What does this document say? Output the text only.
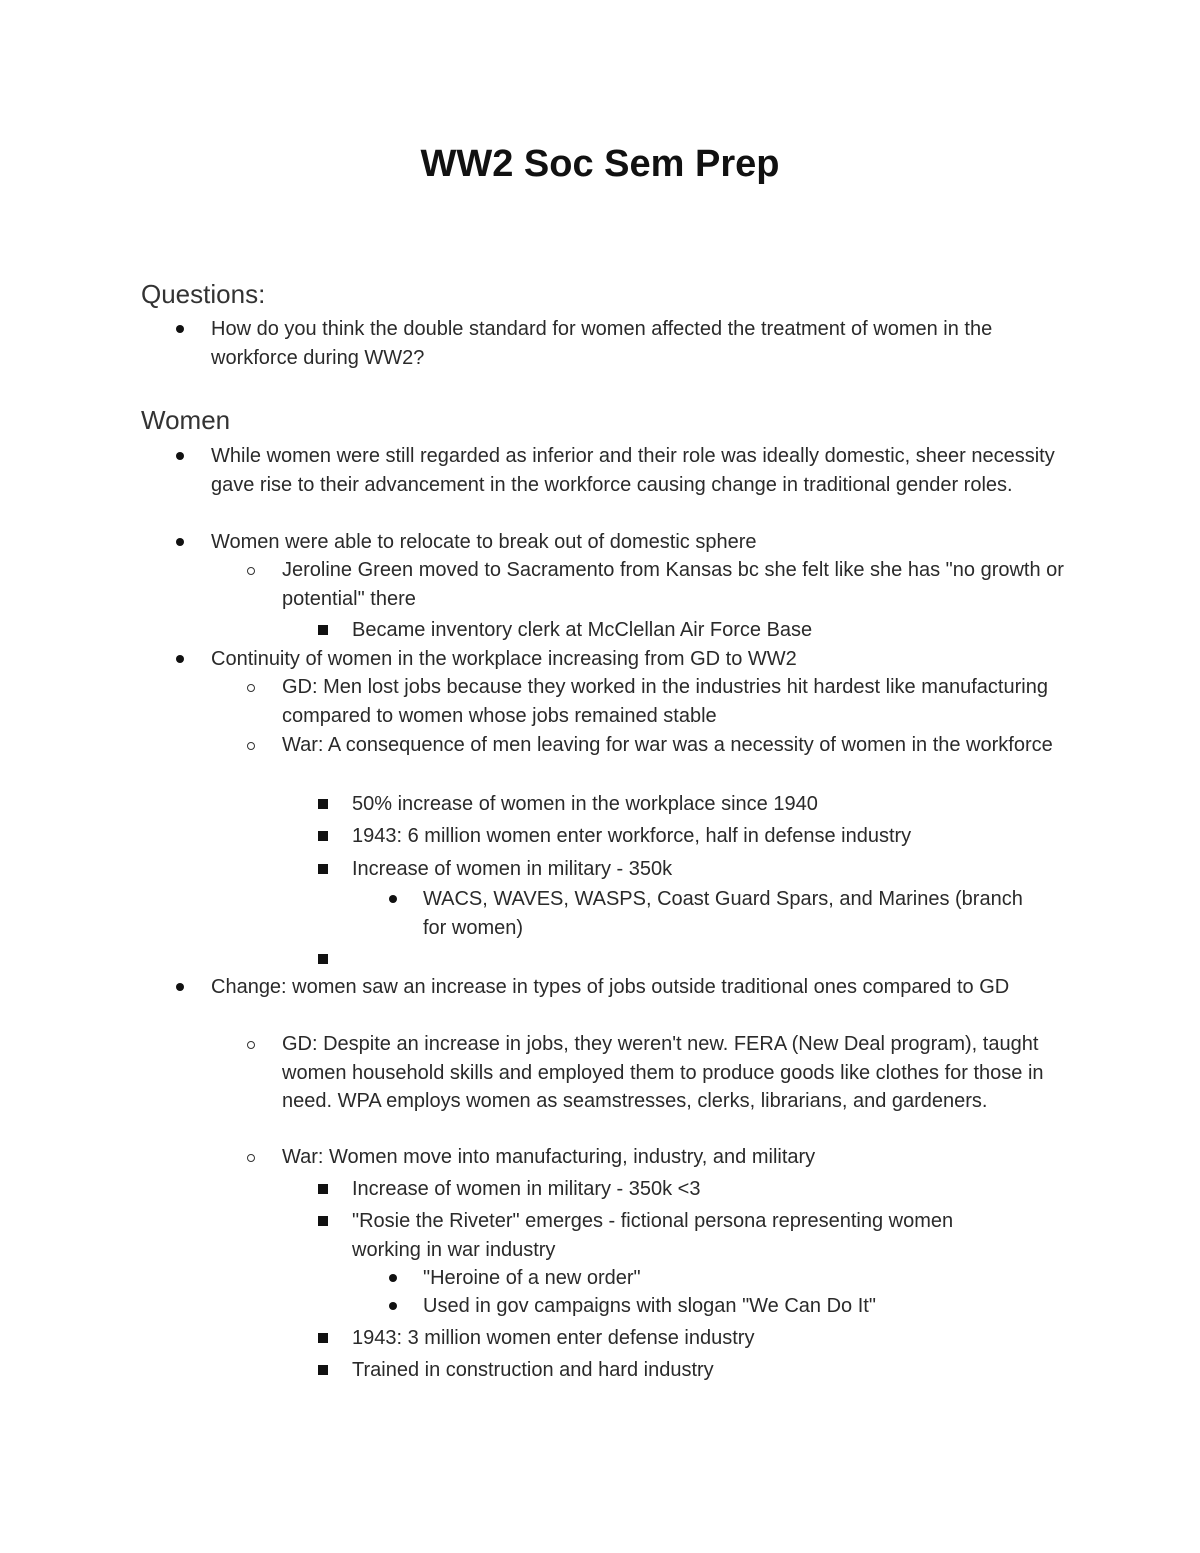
WW2 Soc Sem Prep
Questions:
How do you think the double standard for women affected the treatment of women in the workforce during WW2?
Women
While women were still regarded as inferior and their role was ideally domestic, sheer necessity gave rise to their advancement in the workforce causing change in traditional gender roles.
Women were able to relocate to break out of domestic sphere
Jeroline Green moved to Sacramento from Kansas bc she felt like she has "no growth or potential" there
Became inventory clerk at McClellan Air Force Base
Continuity of women in the workplace increasing from GD to WW2
GD: Men lost jobs because they worked in the industries hit hardest like manufacturing compared to women whose jobs remained stable
War: A consequence of men leaving for war was a necessity of women in the workforce
50% increase of women in the workplace since 1940
1943: 6 million women enter workforce, half in defense industry
Increase of women in military - 350k
WACS, WAVES, WASPS, Coast Guard Spars, and Marines (branch for women)
Change: women saw an increase in types of jobs outside traditional ones compared to GD
GD: Despite an increase in jobs, they weren't new. FERA (New Deal program), taught women household skills and employed them to produce goods like clothes for those in need. WPA employs women as seamstresses, clerks, librarians, and gardeners.
War: Women move into manufacturing, industry, and military
Increase of women in military - 350k <3
"Rosie the Riveter" emerges - fictional persona representing women working in war industry
"Heroine of a new order"
Used in gov campaigns with slogan "We Can Do It"
1943: 3 million women enter defense industry
Trained in construction and hard industry
